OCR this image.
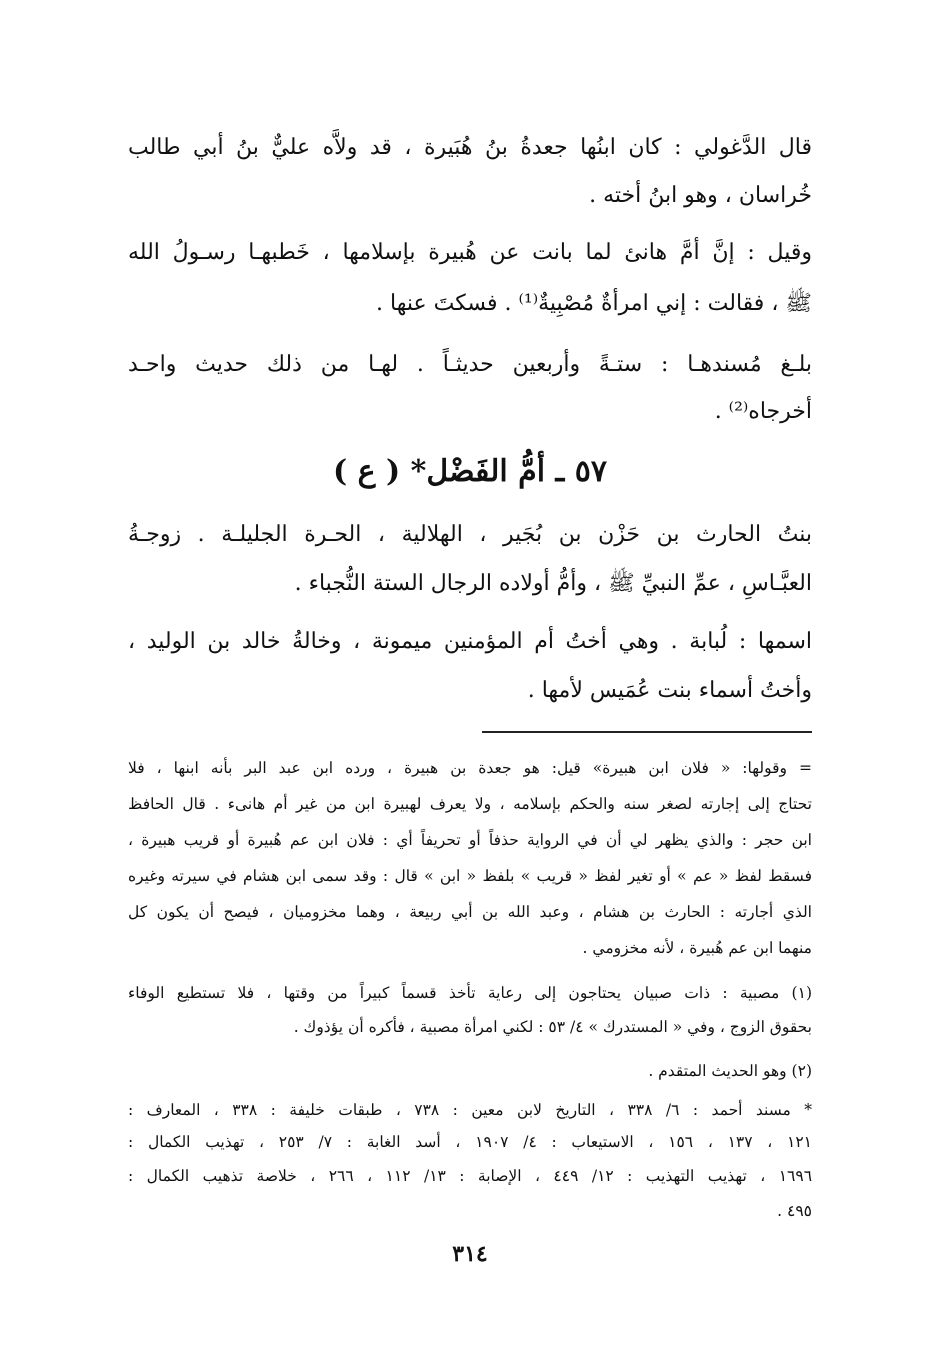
قال الدَّغولي : كان ابنُها جعدةُ بنُ هُبَيرة ، قد ولاَّه عليٌّ بنُ أبي طالب
خُراسان ، وهو ابنُ أخته .
وقيل : إنَّ أمَّ هانئ لما بانت عن هُبيرة بإسلامها ، خَطبهـا رسـولُ الله
ﷺ ، فقالت : إني امرأةٌ مُصْبِيةٌ⁽¹⁾ . فسكتَ عنها .
بلـغ مُسندهـا : ستـةً وأربعين حديثـاً . لهـا من ذلك حديث واحـد
أخرجاه⁽²⁾ .
٥٧ ـ أمُّ الفَضْل* ( ع )
بنتُ الحارث بن حَزْن بن بُجَير ، الهلالية ، الحـرة الجليلـة . زوجـةُ
العبَّـاسِ ، عمِّ النبيِّ ﷺ ، وأمُّ أولاده الرجال الستة النُّجباء .
اسمها : لُبابة . وهي أختُ أم المؤمنين ميمونة ، وخالةُ خالد بن الوليد ،
وأختُ أسماء بنت عُمَيس لأمها .
= وقولها: « فلان ابن هبيرة» قيل: هو جعدة بن هبيرة ، ورده ابن عبد البر بأنه ابنها ، فلا
تحتاج إلى إجارته لصغر سنه والحكم بإسلامه ، ولا يعرف لهبيرة ابن من غير أم هانىء . قال الحافظ
ابن حجر : والذي يظهر لي أن في الرواية حذفاً أو تحريفاً أي : فلان ابن عم هُبيرة أو قريب هبيرة ،
فسقط لفظ « عم » أو تغير لفظ « قريب » بلفظ « ابن » قال : وقد سمى ابن هشام في سيرته وغيره
الذي أجارته : الحارث بن هشام ، وعبد الله بن أبي ربيعة ، وهما مخزوميان ، فيصح أن يكون كل
منهما ابن عم هُبيرة ، لأنه مخزومي .
(١) مصبية : ذات صبيان يحتاجون إلى رعاية تأخذ قسماً كبيراً من وقتها ، فلا تستطيع الوفاء
بحقوق الزوج ، وفي « المستدرك » ٤/ ٥٣ : لكني امرأة مصبية ، فأكره أن يؤذوك .
(٢) وهو الحديث المتقدم .
* مسند أحمد : ٦/ ٣٣٨ ، التاريخ لابن معين : ٧٣٨ ، طبقات خليفة : ٣٣٨ ، المعارف :
١٢١ ، ١٣٧ ، ١٥٦ ، الاستيعاب : ٤/ ١٩٠٧ ، أسد الغابة : ٧/ ٢٥٣ ، تهذيب الكمال :
١٦٩٦ ، تهذيب التهذيب : ١٢/ ٤٤٩ ، الإصابة : ١٣/ ١١٢ ، ٢٦٦ ، خلاصة تذهيب الكمال :
٤٩٥ .
٣١٤
